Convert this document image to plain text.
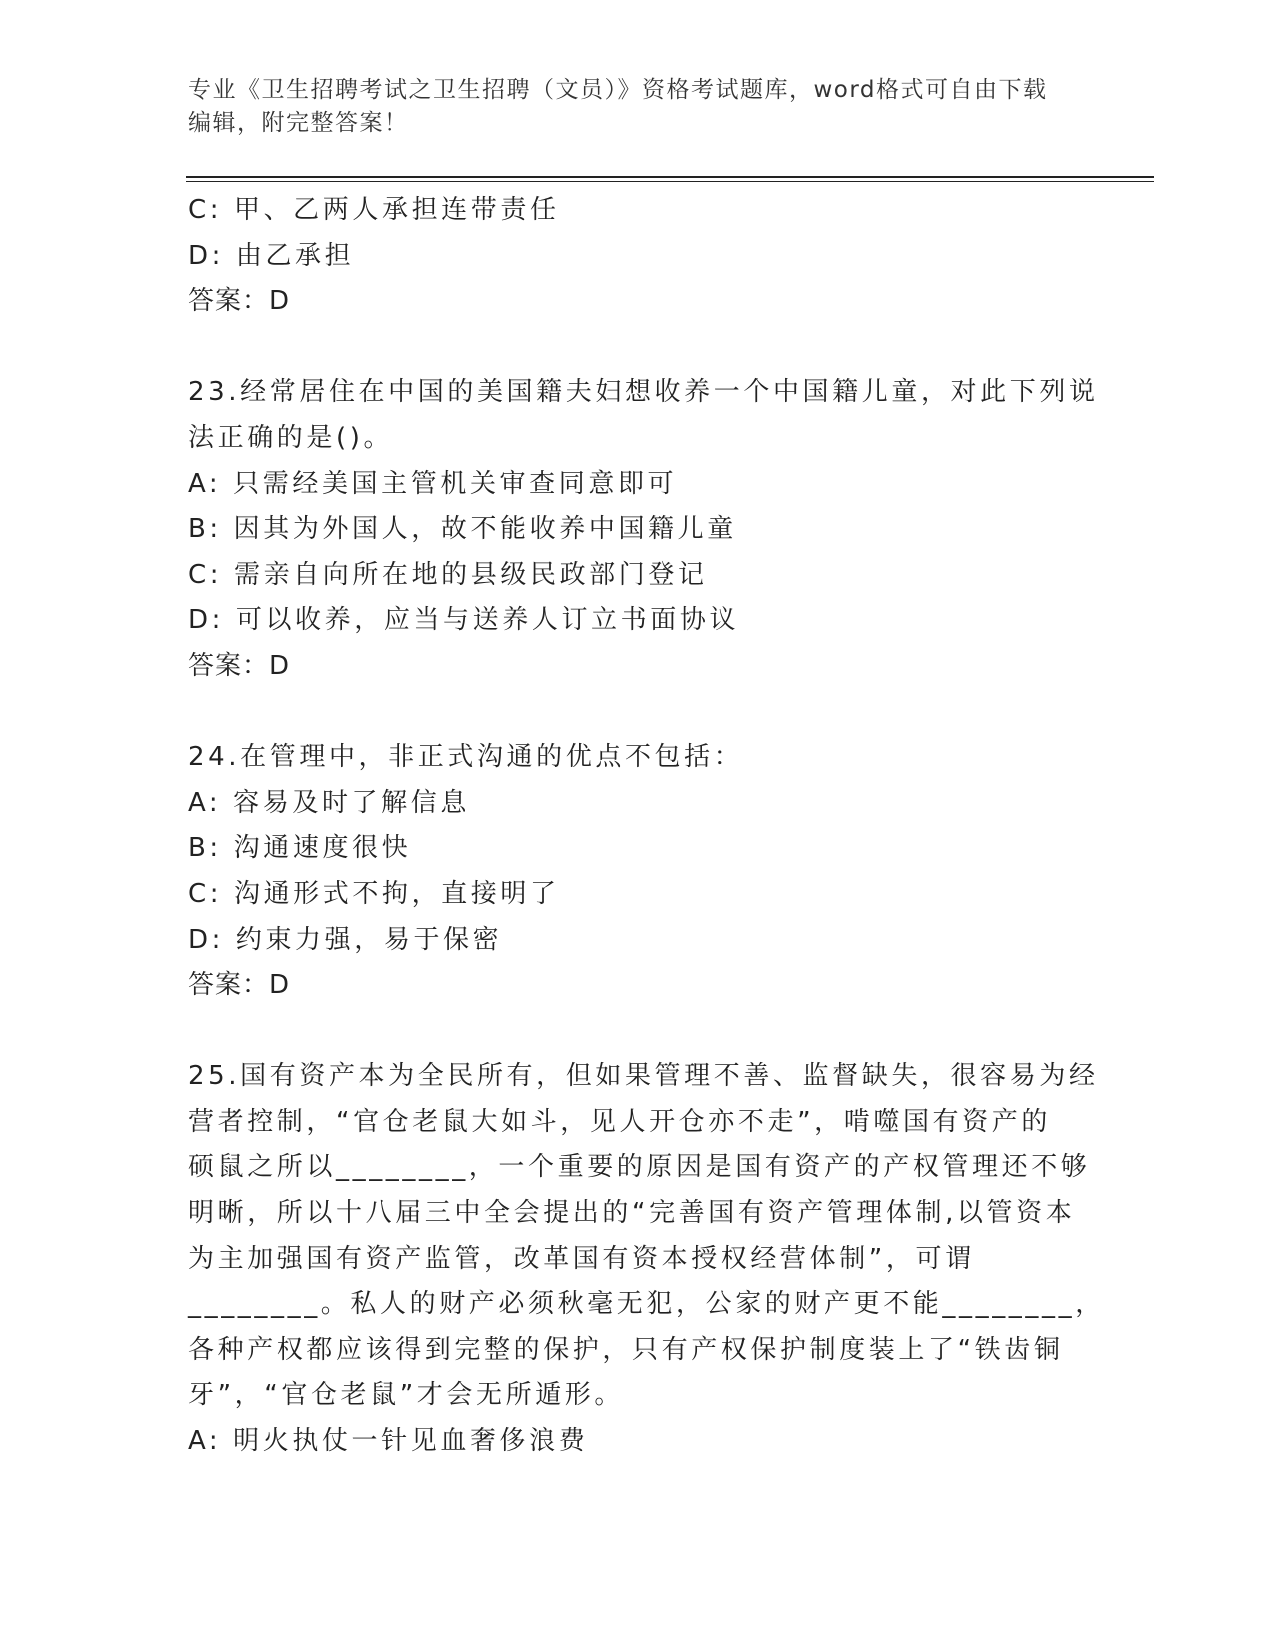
专业《卫生招聘考试之卫生招聘（文员）》资格考试题库，word格式可自由下载
编辑，附完整答案！
C: 甲、乙两人承担连带责任
D: 由乙承担
答案：D
23.经常居住在中国的美国籍夫妇想收养一个中国籍儿童，对此下列说
法正确的是()。
A: 只需经美国主管机关审查同意即可
B: 因其为外国人，故不能收养中国籍儿童
C: 需亲自向所在地的县级民政部门登记
D: 可以收养，应当与送养人订立书面协议
答案：D
24.在管理中，非正式沟通的优点不包括：
A: 容易及时了解信息
B: 沟通速度很快
C: 沟通形式不拘，直接明了
D: 约束力强，易于保密
答案：D
25.国有资产本为全民所有，但如果管理不善、监督缺失，很容易为经
营者控制，“官仓老鼠大如斗，见人开仓亦不走”，啃噬国有资产的
硕鼠之所以________，一个重要的原因是国有资产的产权管理还不够
明晰，所以十八届三中全会提出的“完善国有资产管理体制,以管资本
为主加强国有资产监管，改革国有资本授权经营体制”，可谓
________。私人的财产必须秋毫无犯，公家的财产更不能________，
各种产权都应该得到完整的保护，只有产权保护制度装上了“铁齿铜
牙”，“官仓老鼠”才会无所遁形。
A: 明火执仗一针见血奢侈浪费
